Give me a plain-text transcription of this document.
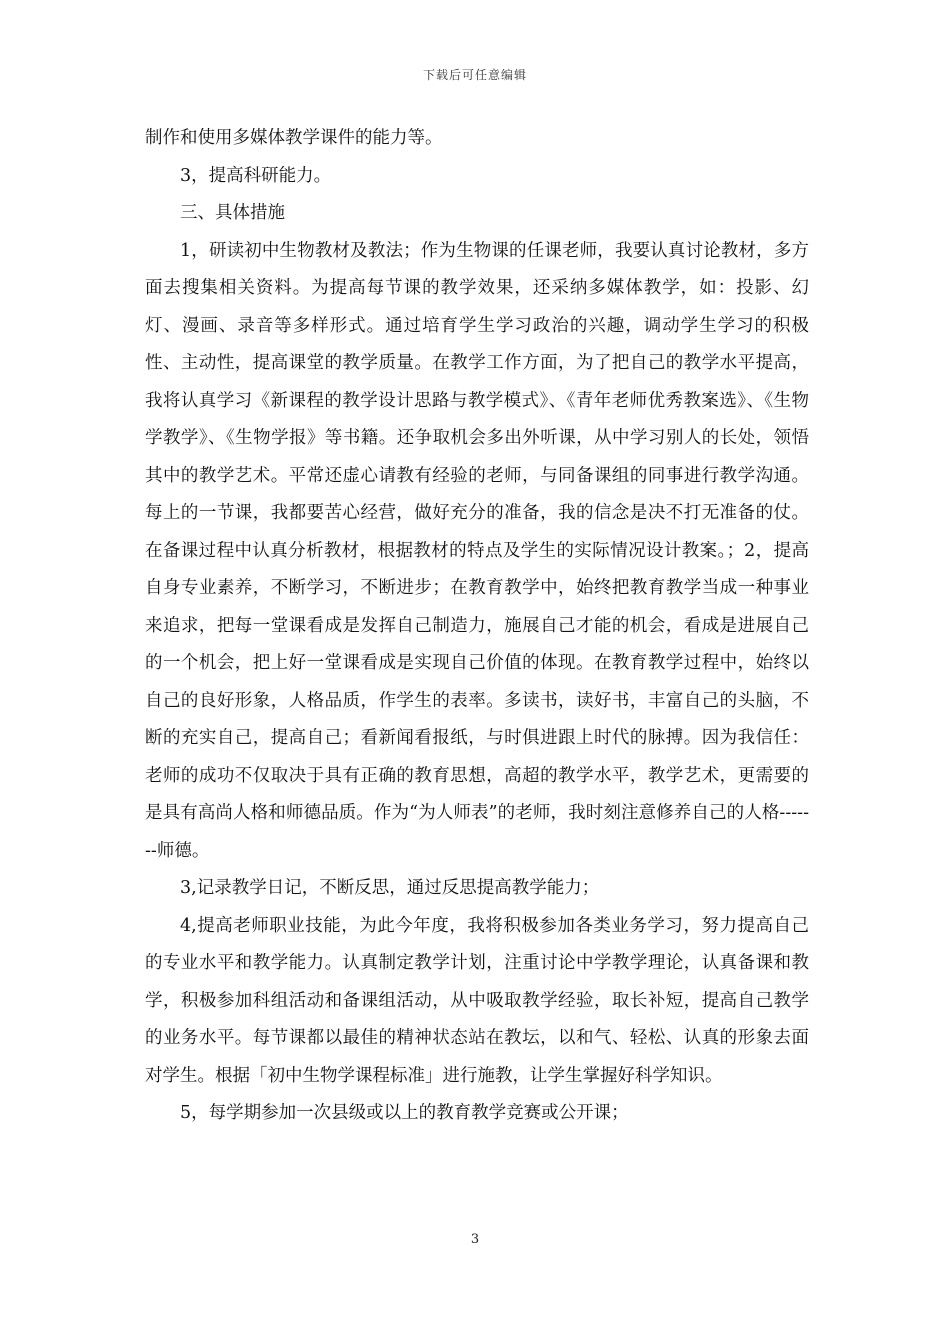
下载后可任意编辑

制作和使用多媒体教学课件的能力等。

3，提高科研能力。

三、具体措施

1，研读初中生物教材及教法；作为生物课的任课老师，我要认真讨论教材，多方面去搜集相关资料。为提高每节课的教学效果，还采纳多媒体教学，如：投影、幻灯、漫画、录音等多样形式。通过培育学生学习政治的兴趣，调动学生学习的积极性、主动性，提高课堂的教学质量。在教学工作方面，为了把自己的教学水平提高，我将认真学习《新课程的教学设计思路与教学模式》、《青年老师优秀教案选》、《生物学教学》、《生物学报》等书籍。还争取机会多出外听课，从中学习别人的长处，领悟其中的教学艺术。平常还虚心请教有经验的老师，与同备课组的同事进行教学沟通。每上的一节课，我都要苦心经营，做好充分的准备，我的信念是决不打无准备的仗。在备课过程中认真分析教材，根据教材的特点及学生的实际情况设计教案。；2，提高自身专业素养，不断学习，不断进步；在教育教学中，始终把教育教学当成一种事业来追求，把每一堂课看成是发挥自己制造力，施展自己才能的机会，看成是进展自己的一个机会，把上好一堂课看成是实现自己价值的体现。在教育教学过程中，始终以自己的良好形象，人格品质，作学生的表率。多读书，读好书，丰富自己的头脑，不断的充实自己，提高自己；看新闻看报纸，与时俱进跟上时代的脉搏。因为我信任：老师的成功不仅取决于具有正确的教育思想，高超的教学水平，教学艺术，更需要的是具有高尚人格和师德品质。作为“为人师表”的老师，我时刻注意修养自己的人格-------师德。

3,记录教学日记，不断反思，通过反思提高教学能力；

4,提高老师职业技能，为此今年度，我将积极参加各类业务学习，努力提高自己的专业水平和教学能力。认真制定教学计划，注重讨论中学教学理论，认真备课和教学，积极参加科组活动和备课组活动，从中吸取教学经验，取长补短，提高自己教学的业务水平。每节课都以最佳的精神状态站在教坛，以和气、轻松、认真的形象去面对学生。根据「初中生物学课程标准」进行施教，让学生掌握好科学知识。

5，每学期参加一次县级或以上的教育教学竞赛或公开课；

3
